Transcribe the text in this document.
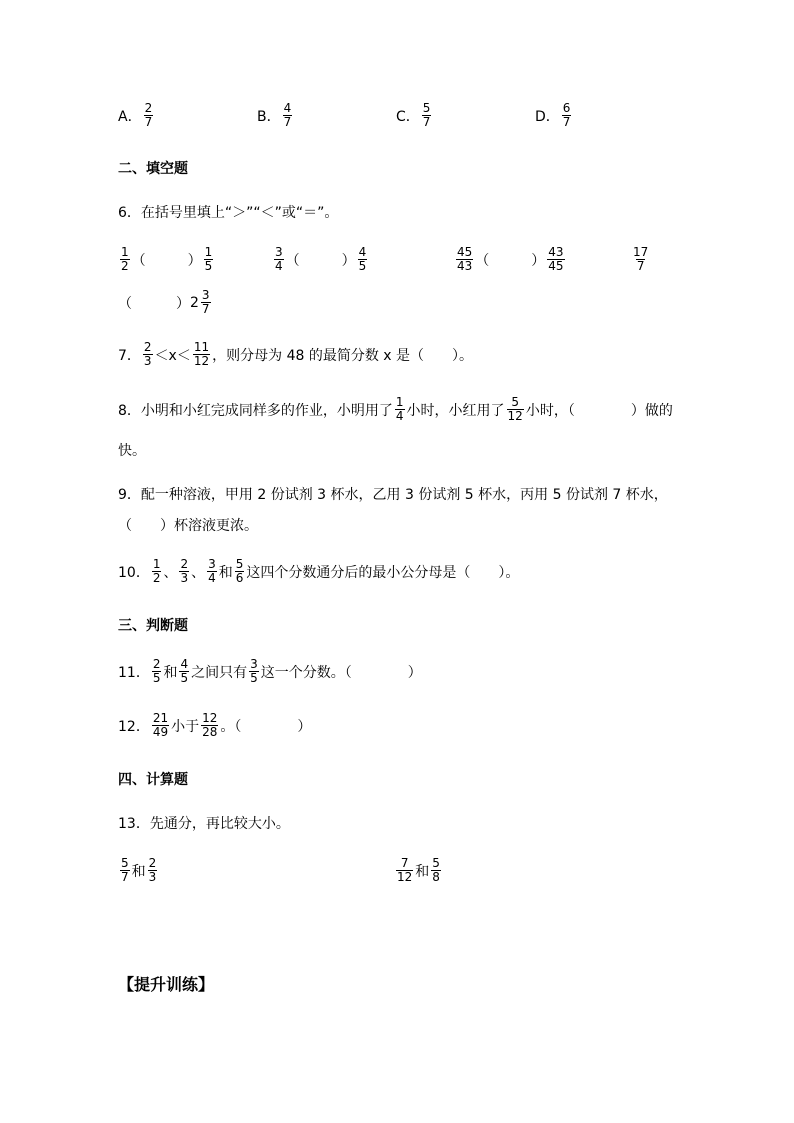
A． $\frac{2}{7}$	B． $\frac{4}{7}$	C． $\frac{5}{7}$	D． $\frac{6}{7}$
二、填空题
6．在括号里填上“＞”“＜”或“＝”。
$\frac{1}{2}$ （	） $\frac{1}{5}$	$\frac{3}{4}$ （	） $\frac{4}{5}$	$\frac{45}{43}$ （	） $\frac{43}{45}$	$\frac{17}{7}$
（	） $2 \frac{3}{7}$
7． $\frac{2}{3} <x< \frac{11}{12}$ ，则分母为 48 的最简分数 x 是（　　）。
8．小明和小红完成同样多的作业，小明用了 $\frac{1}{4}$ 小时，小红用了 $\frac{5}{12}$ 小时，（　　　　）做的
快。
9．配一种溶液，甲用 2 份试剂 3 杯水，乙用 3 份试剂 5 杯水，丙用 5 份试剂 7 杯水，
（　　）杯溶液更浓。
10． $\frac{1}{2}$ 、 $\frac{2}{3}$ 、 $\frac{3}{4}$ 和 $\frac{5}{6}$ 这四个分数通分后的最小公分母是（　　）。
三、判断题
11． $\frac{2}{5}$ 和 $\frac{4}{5}$ 之间只有 $\frac{3}{5}$ 这一个分数。（　　　　）
12． $\frac{21}{49}$ 小于 $\frac{12}{28}$ 。（　　　　）
四、计算题
13．先通分，再比较大小。
$\frac{5}{7}$ 和 $\frac{2}{3}$	$\frac{7}{12}$ 和 $\frac{5}{8}$
【提升训练】
